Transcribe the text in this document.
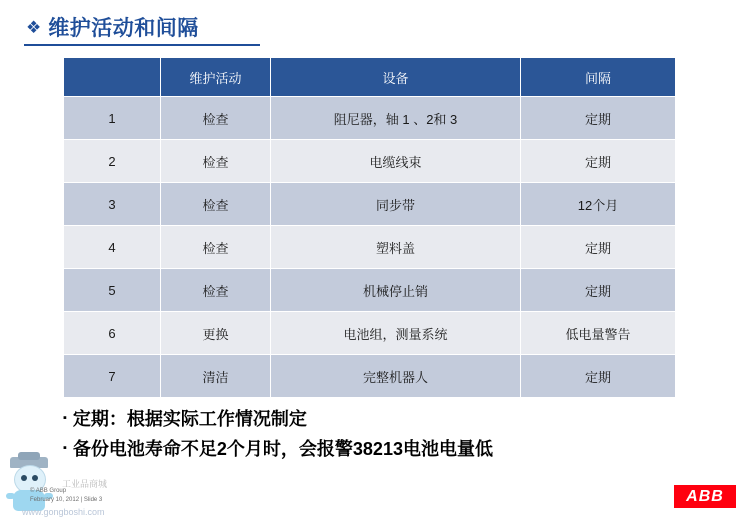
❖ 维护活动和间隔
	维护活动	设备	间隔
1	检查	阻尼器，轴 1 、2和 3	定期
2	检查	电缆线束	定期
3	检查	同步带	12个月
4	检查	塑料盖	定期
5	检查	机械停止销	定期
6	更换	电池组，测量系统	低电量警告
7	清洁	完整机器人	定期
▪ 定期：根据实际工作情况制定
▪ 备份电池寿命不足2个月时，会报警38213电池电量低
© ABB Group
February 10, 2012 | Slide 3
工业品商城
www.gongboshi.com
ABB
